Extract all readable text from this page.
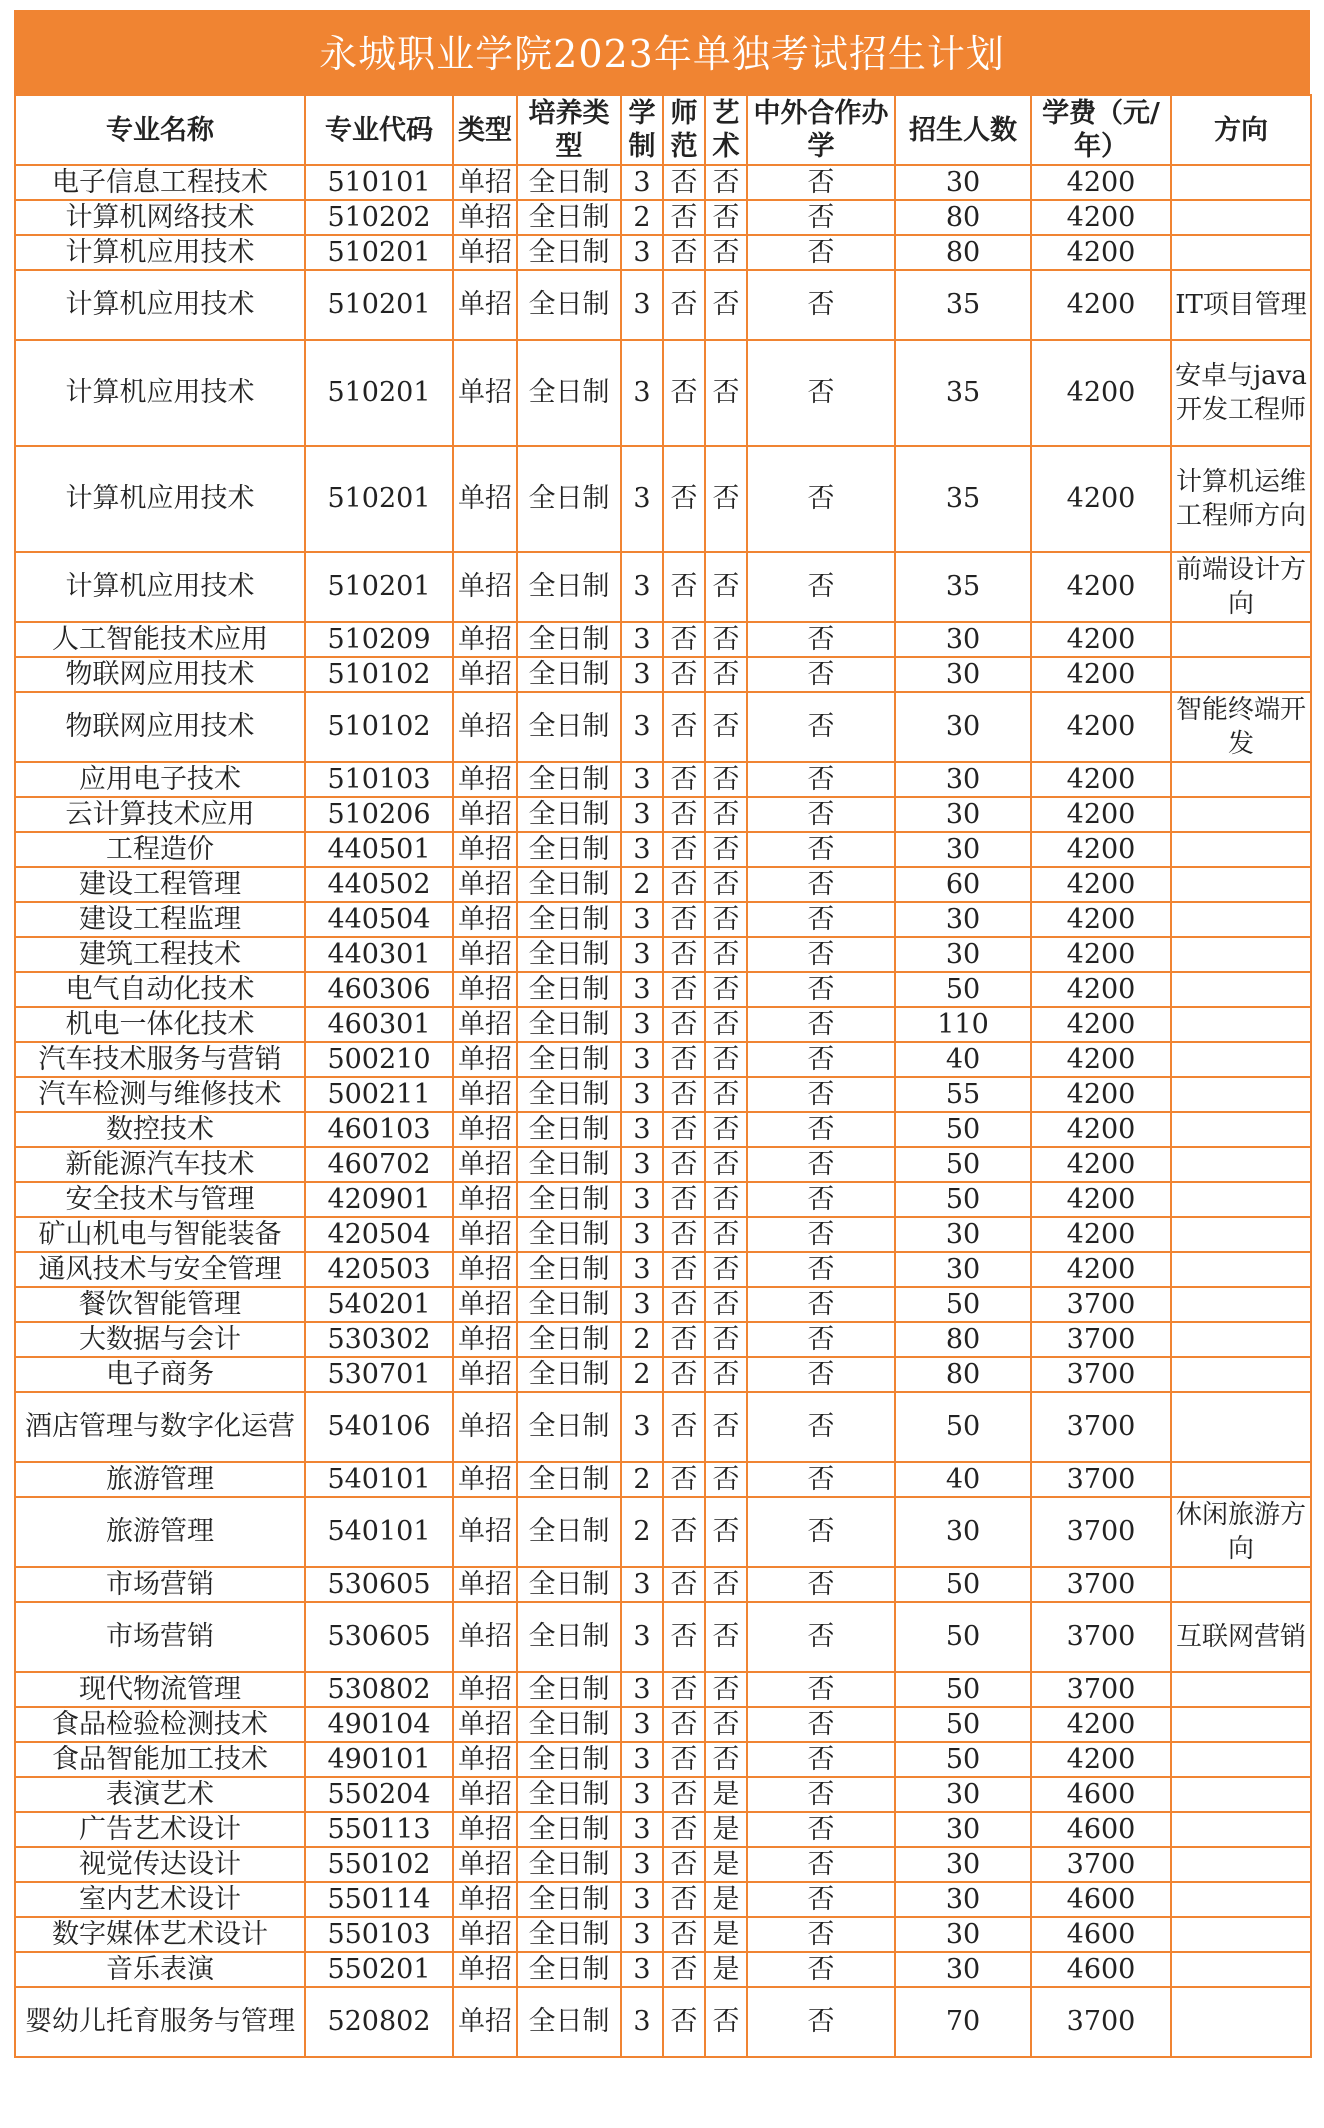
永城职业学院2023年单独考试招生计划
专业名称	专业代码	类型	培养类型	学制	师范	艺术	中外合作办学	招生人数	学费（元/年）	方向
电子信息工程技术	510101	单招	全日制	3	否	否	否	30	4200	
计算机网络技术	510202	单招	全日制	2	否	否	否	80	4200	
计算机应用技术	510201	单招	全日制	3	否	否	否	80	4200	
计算机应用技术	510201	单招	全日制	3	否	否	否	35	4200	IT项目管理
计算机应用技术	510201	单招	全日制	3	否	否	否	35	4200	安卓与java开发工程师
计算机应用技术	510201	单招	全日制	3	否	否	否	35	4200	计算机运维工程师方向
计算机应用技术	510201	单招	全日制	3	否	否	否	35	4200	前端设计方向
人工智能技术应用	510209	单招	全日制	3	否	否	否	30	4200	
物联网应用技术	510102	单招	全日制	3	否	否	否	30	4200	
物联网应用技术	510102	单招	全日制	3	否	否	否	30	4200	智能终端开发
应用电子技术	510103	单招	全日制	3	否	否	否	30	4200	
云计算技术应用	510206	单招	全日制	3	否	否	否	30	4200	
工程造价	440501	单招	全日制	3	否	否	否	30	4200	
建设工程管理	440502	单招	全日制	2	否	否	否	60	4200	
建设工程监理	440504	单招	全日制	3	否	否	否	30	4200	
建筑工程技术	440301	单招	全日制	3	否	否	否	30	4200	
电气自动化技术	460306	单招	全日制	3	否	否	否	50	4200	
机电一体化技术	460301	单招	全日制	3	否	否	否	110	4200	
汽车技术服务与营销	500210	单招	全日制	3	否	否	否	40	4200	
汽车检测与维修技术	500211	单招	全日制	3	否	否	否	55	4200	
数控技术	460103	单招	全日制	3	否	否	否	50	4200	
新能源汽车技术	460702	单招	全日制	3	否	否	否	50	4200	
安全技术与管理	420901	单招	全日制	3	否	否	否	50	4200	
矿山机电与智能装备	420504	单招	全日制	3	否	否	否	30	4200	
通风技术与安全管理	420503	单招	全日制	3	否	否	否	30	4200	
餐饮智能管理	540201	单招	全日制	3	否	否	否	50	3700	
大数据与会计	530302	单招	全日制	2	否	否	否	80	3700	
电子商务	530701	单招	全日制	2	否	否	否	80	3700	
酒店管理与数字化运营	540106	单招	全日制	3	否	否	否	50	3700	
旅游管理	540101	单招	全日制	2	否	否	否	40	3700	
旅游管理	540101	单招	全日制	2	否	否	否	30	3700	休闲旅游方向
市场营销	530605	单招	全日制	3	否	否	否	50	3700	
市场营销	530605	单招	全日制	3	否	否	否	50	3700	互联网营销
现代物流管理	530802	单招	全日制	3	否	否	否	50	3700	
食品检验检测技术	490104	单招	全日制	3	否	否	否	50	4200	
食品智能加工技术	490101	单招	全日制	3	否	否	否	50	4200	
表演艺术	550204	单招	全日制	3	否	是	否	30	4600	
广告艺术设计	550113	单招	全日制	3	否	是	否	30	4600	
视觉传达设计	550102	单招	全日制	3	否	是	否	30	3700	
室内艺术设计	550114	单招	全日制	3	否	是	否	30	4600	
数字媒体艺术设计	550103	单招	全日制	3	否	是	否	30	4600	
音乐表演	550201	单招	全日制	3	否	是	否	30	4600	
婴幼儿托育服务与管理	520802	单招	全日制	3	否	否	否	70	3700	
